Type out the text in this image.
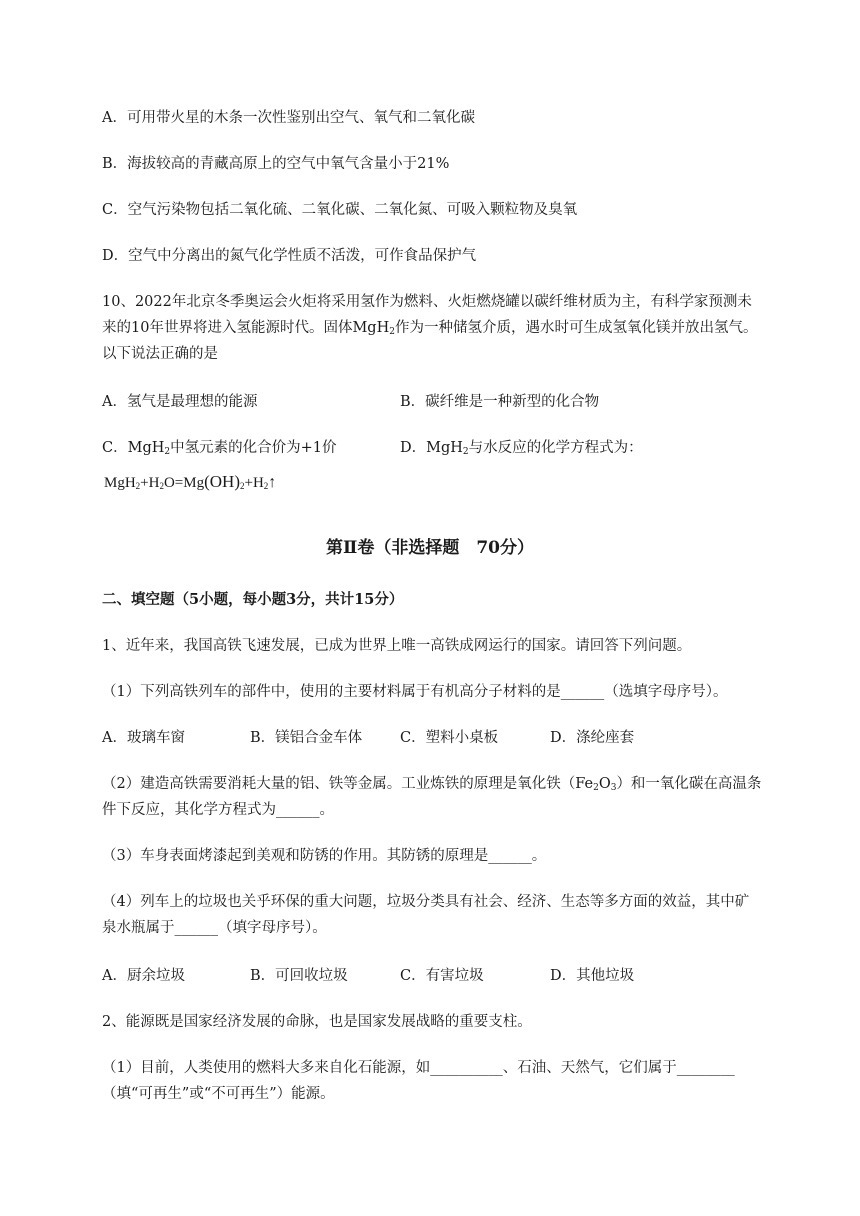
A．可用带火星的木条一次性鉴别出空气、氧气和二氧化碳
B．海拔较高的青藏高原上的空气中氧气含量小于21%
C．空气污染物包括二氧化硫、二氧化碳、二氧化氮、可吸入颗粒物及臭氧
D．空气中分离出的氮气化学性质不活泼，可作食品保护气
10、2022年北京冬季奥运会火炬将采用氢作为燃料、火炬燃烧罐以碳纤维材质为主，有科学家预测未
来的10年世界将进入氢能源时代。固体MgH$_2$作为一种储氢介质，遇水时可生成氢氧化镁并放出氢气。
以下说法正确的是
A．氢气是最理想的能源	B．碳纤维是一种新型的化合物
C．MgH$_2$中氢元素的化合价为+1价	D．MgH$_2$与水反应的化学方程式为：
$MgH_2+H_2O=Mg(OH)_2+H_2↑$
第Ⅱ卷（非选择题　70分）
二、填空题（5小题，每小题3分，共计15分）
1、近年来，我国高铁飞速发展，已成为世界上唯一高铁成网运行的国家。请回答下列问题。
（1）下列高铁列车的部件中，使用的主要材料属于有机高分子材料的是______（选填字母序号）。
A．玻璃车窗	B．镁铝合金车体	C．塑料小桌板	D．涤纶座套
（2）建造高铁需要消耗大量的铝、铁等金属。工业炼铁的原理是氧化铁$(Fe_2O_3)$和一氧化碳在高温条
件下反应，其化学方程式为______。
（3）车身表面烤漆起到美观和防锈的作用。其防锈的原理是______。
（4）列车上的垃圾也关乎环保的重大问题，垃圾分类具有社会、经济、生态等多方面的效益，其中矿
泉水瓶属于______（填字母序号）。
A．厨余垃圾	B．可回收垃圾	C．有害垃圾	D．其他垃圾
2、能源既是国家经济发展的命脉，也是国家发展战略的重要支柱。
（1）目前，人类使用的燃料大多来自化石能源，如__________、石油、天然气，它们属于________
（填“可再生”或“不可再生”）能源。
